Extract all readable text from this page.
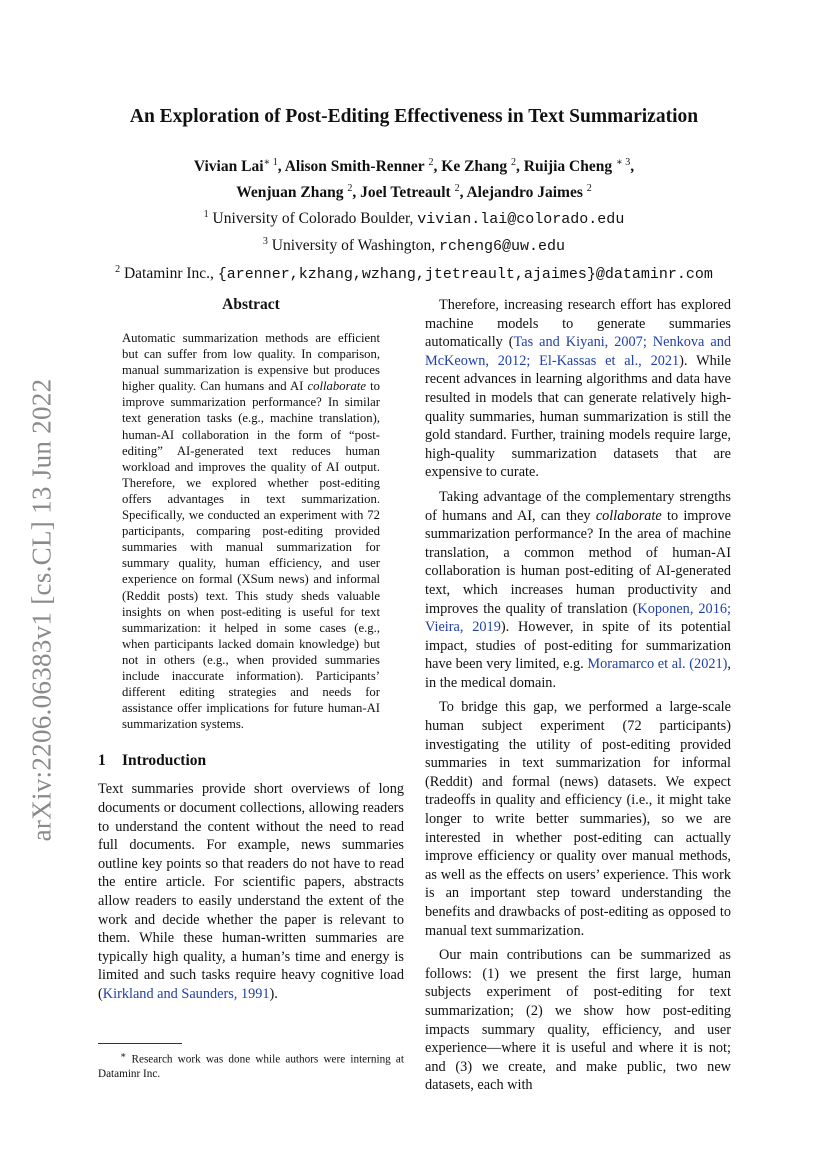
arXiv:2206.06383v1 [cs.CL] 13 Jun 2022
An Exploration of Post-Editing Effectiveness in Text Summarization
Vivian Lai$^{∗ 1}$, Alison Smith-Renner $^2$, Ke Zhang $^2$, Ruijia Cheng $^{∗ 3}$,
Wenjuan Zhang $^2$, Joel Tetreault $^2$, Alejandro Jaimes $^2$
$^1$ University of Colorado Boulder, vivian.lai@colorado.edu
$^3$ University of Washington, rcheng6@uw.edu
$^2$ Dataminr Inc., {arenner,kzhang,wzhang,jtetreault,ajaimes}@dataminr.com
Abstract

Automatic summarization methods are efficient but can suffer from low quality. In comparison, manual summarization is expensive but produces higher quality. Can humans and AI collaborate to improve summarization performance? In similar text generation tasks (e.g., machine translation), human-AI collaboration in the form of “post-editing” AI-generated text reduces human workload and improves the quality of AI output. Therefore, we explored whether post-editing offers advantages in text summarization. Specifically, we conducted an experiment with 72 participants, comparing post-editing provided summaries with manual summarization for summary quality, human efficiency, and user experience on formal (XSum news) and informal (Reddit posts) text. This study sheds valuable insights on when post-editing is useful for text summarization: it helped in some cases (e.g., when participants lacked domain knowledge) but not in others (e.g., when provided summaries include inaccurate information). Participants’ different editing strategies and needs for assistance offer implications for future human-AI summarization systems.

1 Introduction

Text summaries provide short overviews of long documents or document collections, allowing readers to understand the content without the need to read full documents. For example, news summaries outline key points so that readers do not have to read the entire article. For scientific papers, abstracts allow readers to easily understand the extent of the work and decide whether the paper is relevant to them. While these human-written summaries are typically high quality, a human’s time and energy is limited and such tasks require heavy cognitive load (Kirkland and Saunders, 1991).

∗ Research work was done while authors were interning at Dataminr Inc.

Therefore, increasing research effort has explored machine models to generate summaries automatically (Tas and Kiyani, 2007; Nenkova and McKeown, 2012; El-Kassas et al., 2021). While recent advances in learning algorithms and data have resulted in models that can generate relatively high-quality summaries, human summarization is still the gold standard. Further, training models require large, high-quality summarization datasets that are expensive to curate.

Taking advantage of the complementary strengths of humans and AI, can they collaborate to improve summarization performance? In the area of machine translation, a common method of human-AI collaboration is human post-editing of AI-generated text, which increases human productivity and improves the quality of translation (Koponen, 2016; Vieira, 2019). However, in spite of its potential impact, studies of post-editing for summarization have been very limited, e.g. Moramarco et al. (2021), in the medical domain.

To bridge this gap, we performed a large-scale human subject experiment (72 participants) investigating the utility of post-editing provided summaries in text summarization for informal (Reddit) and formal (news) datasets. We expect tradeoffs in quality and efficiency (i.e., it might take longer to write better summaries), so we are interested in whether post-editing can actually improve efficiency or quality over manual methods, as well as the effects on users’ experience. This work is an important step toward understanding the benefits and drawbacks of post-editing as opposed to manual text summarization.

Our main contributions can be summarized as follows: (1) we present the first large, human subjects experiment of post-editing for text summarization; (2) we show how post-editing impacts summary quality, efficiency, and user experience—where it is useful and where it is not; and (3) we create, and make public, two new datasets, each with
